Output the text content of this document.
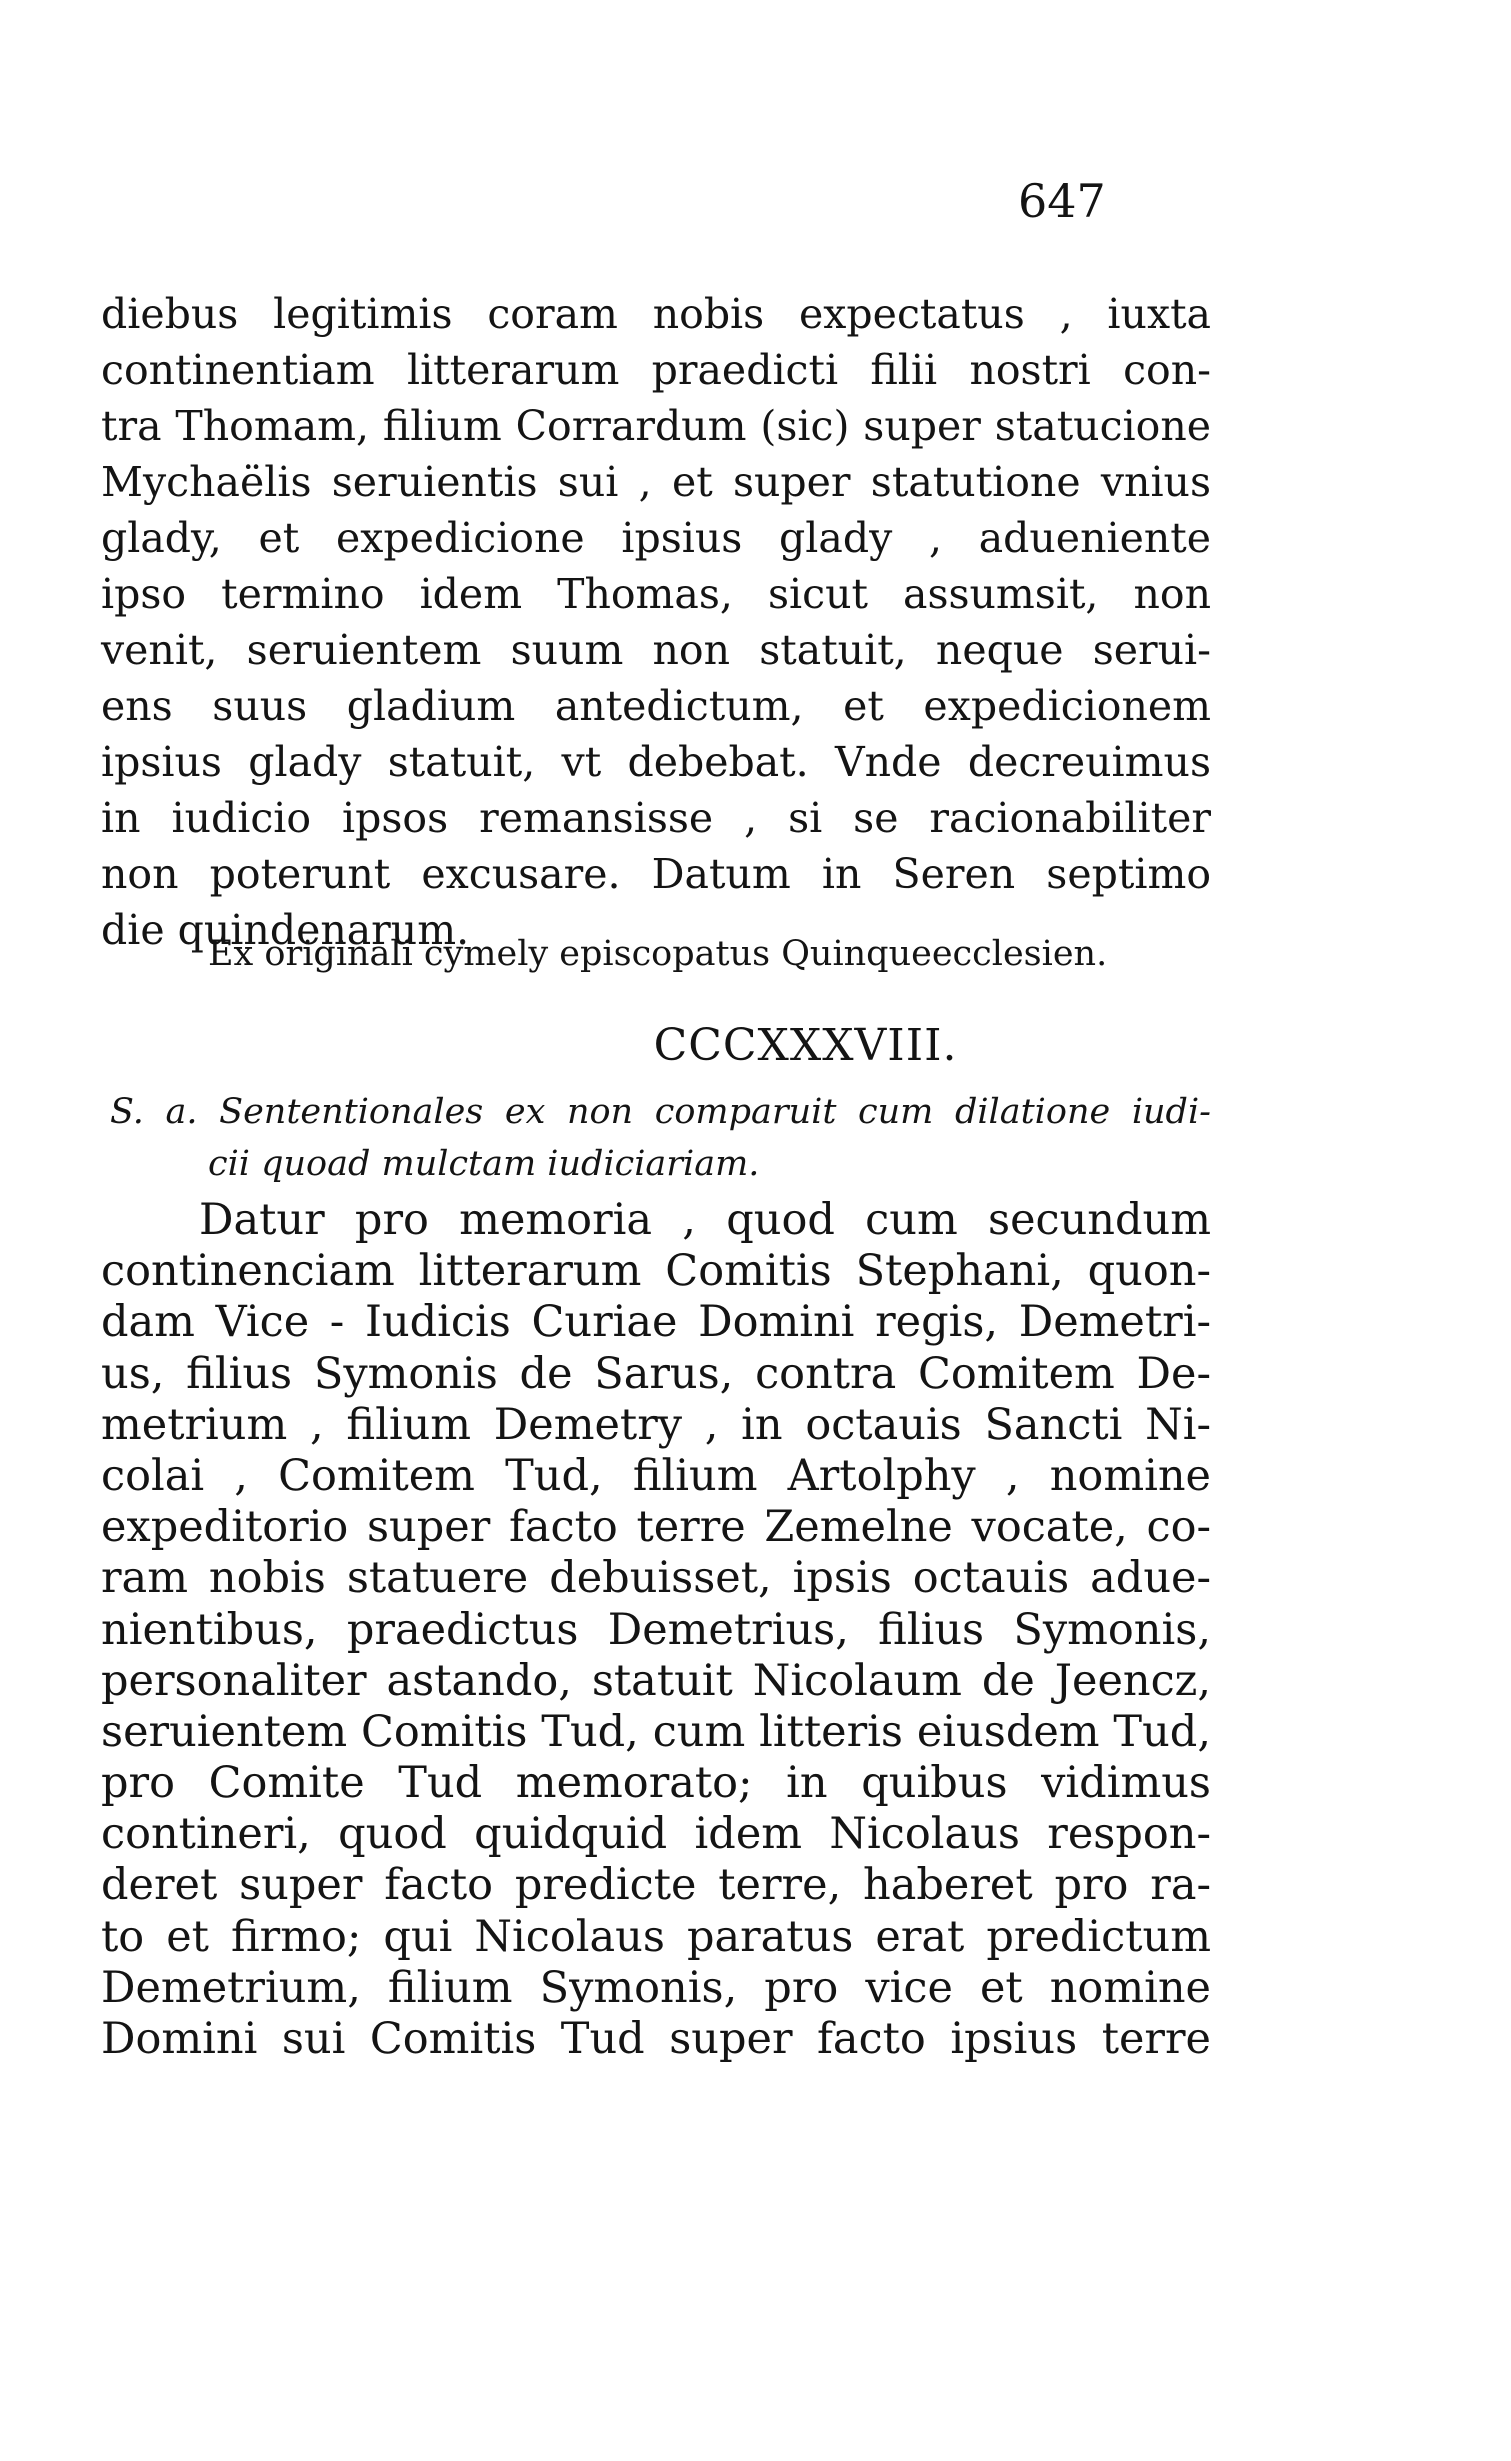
647
diebus legitimis coram nobis expectatus , iuxta
continentiam litterarum praedicti filii nostri con-
tra Thomam, filium Corrardum (sic) super statucione
Mychaëlis seruientis sui , et super statutione vnius
glady, et expedicione ipsius glady , adueniente
ipso termino idem Thomas, sicut assumsit, non
venit, seruientem suum non statuit, neque serui-
ens suus gladium antedictum, et expedicionem
ipsius glady statuit, vt debebat. Vnde decreuimus
in iudicio ipsos remansisse , si se racionabiliter
non poterunt excusare. Datum in Seren septimo
die quindenarum.
Ex originali cymely episcopatus Quinqueecclesien.
CCCXXXVIII.
S. a. Sententionales ex non comparuit cum dilatione iudi-
cii quoad mulctam iudiciariam.
Datur pro memoria , quod cum secundum
continenciam litterarum Comitis Stephani, quon-
dam Vice - Iudicis Curiae Domini regis, Demetri-
us, filius Symonis de Sarus, contra Comitem De-
metrium , filium Demetry , in octauis Sancti Ni-
colai , Comitem Tud, filium Artolphy , nomine
expeditorio super facto terre Zemelne vocate, co-
ram nobis statuere debuisset, ipsis octauis adue-
nientibus, praedictus Demetrius, filius Symonis,
personaliter astando, statuit Nicolaum de Jeencz,
seruientem Comitis Tud, cum litteris eiusdem Tud,
pro Comite Tud memorato; in quibus vidimus
contineri, quod quidquid idem Nicolaus respon-
deret super facto predicte terre, haberet pro ra-
to et firmo; qui Nicolaus paratus erat predictum
Demetrium, filium Symonis, pro vice et nomine
Domini sui Comitis Tud super facto ipsius terre
